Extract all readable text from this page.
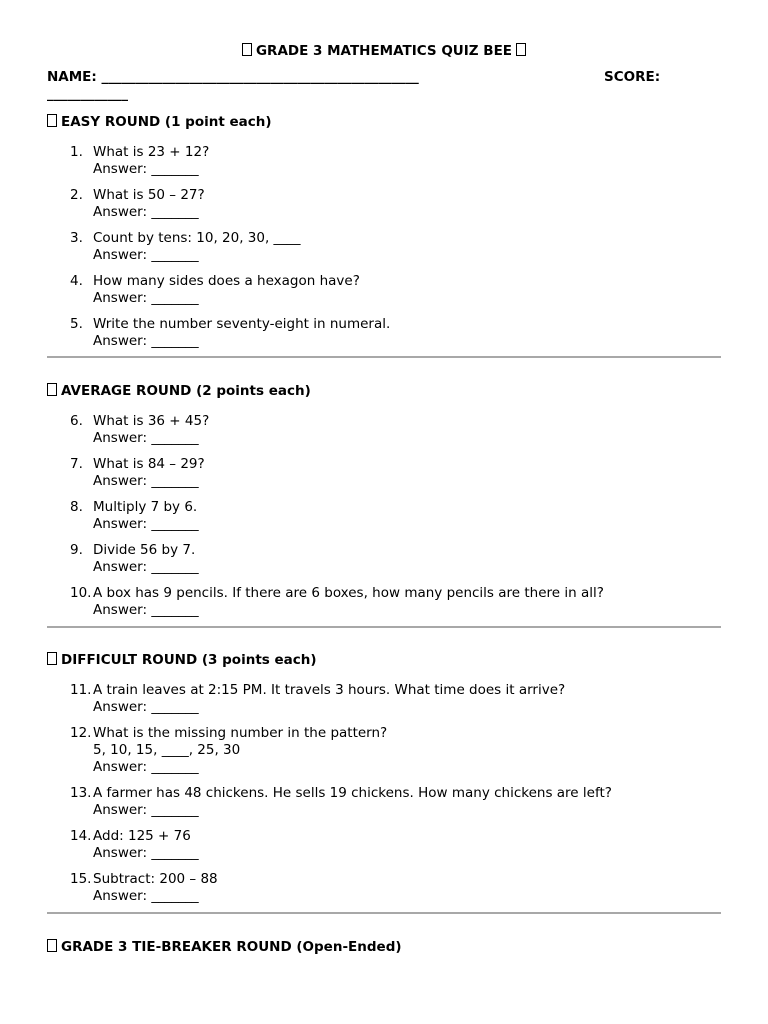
GRADE 3 MATHEMATICS QUIZ BEE
NAME: _______________________________________________	SCORE:
____________
EASY ROUND (1 point each)
1. What is 23 + 12?
Answer: _______
2. What is 50 – 27?
Answer: _______
3. Count by tens: 10, 20, 30, ____
Answer: _______
4. How many sides does a hexagon have?
Answer: _______
5. Write the number seventy-eight in numeral.
Answer: _______
AVERAGE ROUND (2 points each)
6. What is 36 + 45?
Answer: _______
7. What is 84 – 29?
Answer: _______
8. Multiply 7 by 6.
Answer: _______
9. Divide 56 by 7.
Answer: _______
10. A box has 9 pencils. If there are 6 boxes, how many pencils are there in all?
Answer: _______
DIFFICULT ROUND (3 points each)
11. A train leaves at 2:15 PM. It travels 3 hours. What time does it arrive?
Answer: _______
12. What is the missing number in the pattern?
5, 10, 15, ____, 25, 30
Answer: _______
13. A farmer has 48 chickens. He sells 19 chickens. How many chickens are left?
Answer: _______
14. Add: 125 + 76
Answer: _______
15. Subtract: 200 – 88
Answer: _______
GRADE 3 TIE-BREAKER ROUND (Open-Ended)
